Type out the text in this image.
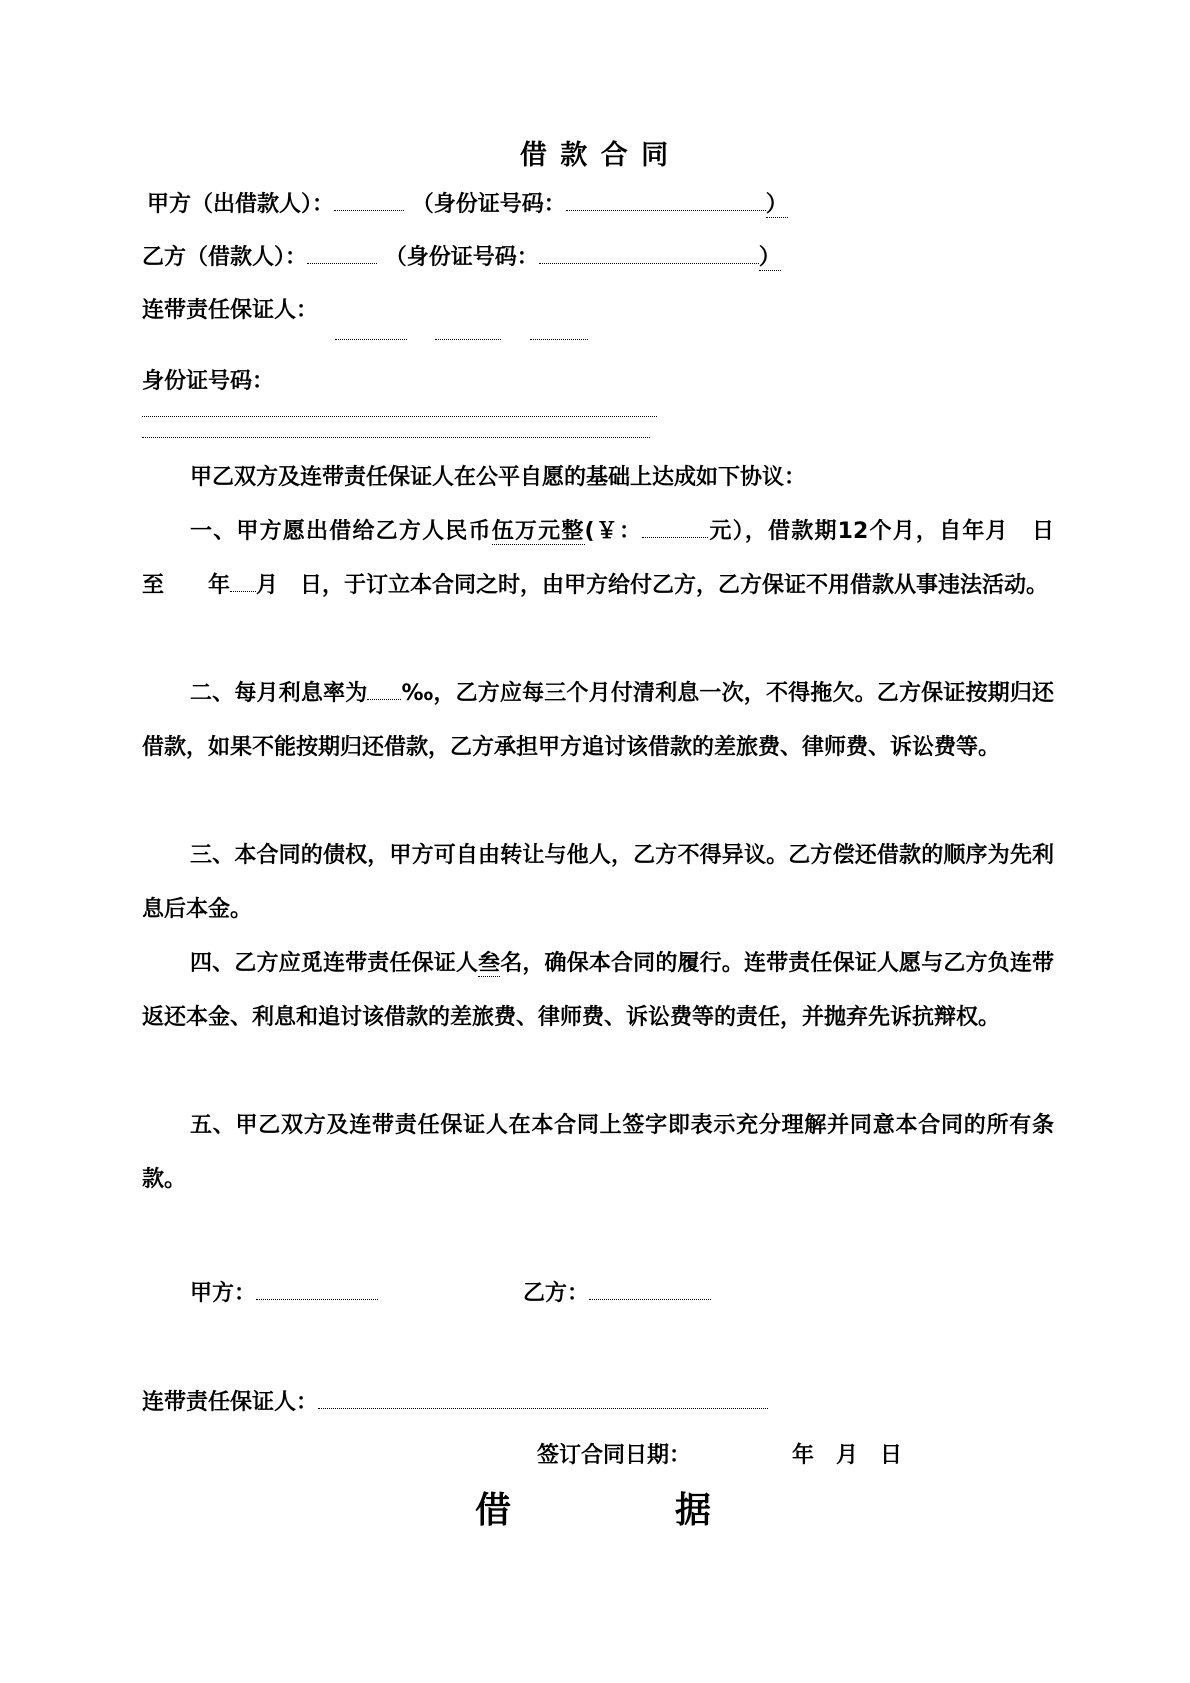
借 款 合 同
甲方（出借款人）：	（身份证号码：	）
乙方（借款人）：	（身份证号码：	）
连带责任保证人：
身份证号码：
甲乙双方及连带责任保证人在公平自愿的基础上达成如下协议：
一、甲方愿出借给乙方人民币伍万元整(￥：	元），借款期12个月，自年月　日　至　　年 月　日，于订立本合同之时，由甲方给付乙方，乙方保证不用借款从事违法活动。
二、每月利息率为 ‰，乙方应每三个月付清利息一次，不得拖欠。乙方保证按期归还借款，如果不能按期归还借款，乙方承担甲方追讨该借款的差旅费、律师费、诉讼费等。
三、本合同的债权，甲方可自由转让与他人，乙方不得异议。乙方偿还借款的顺序为先利息后本金。
四、乙方应觅连带责任保证人叁名，确保本合同的履行。连带责任保证人愿与乙方负连带返还本金、利息和追讨该借款的差旅费、律师费、诉讼费等的责任，并抛弃先诉抗辩权。
五、甲乙双方及连带责任保证人在本合同上签字即表示充分理解并同意本合同的所有条款。
甲方：	乙方：
连带责任保证人：
签订合同日期：	年　月　日
借　　　　据
